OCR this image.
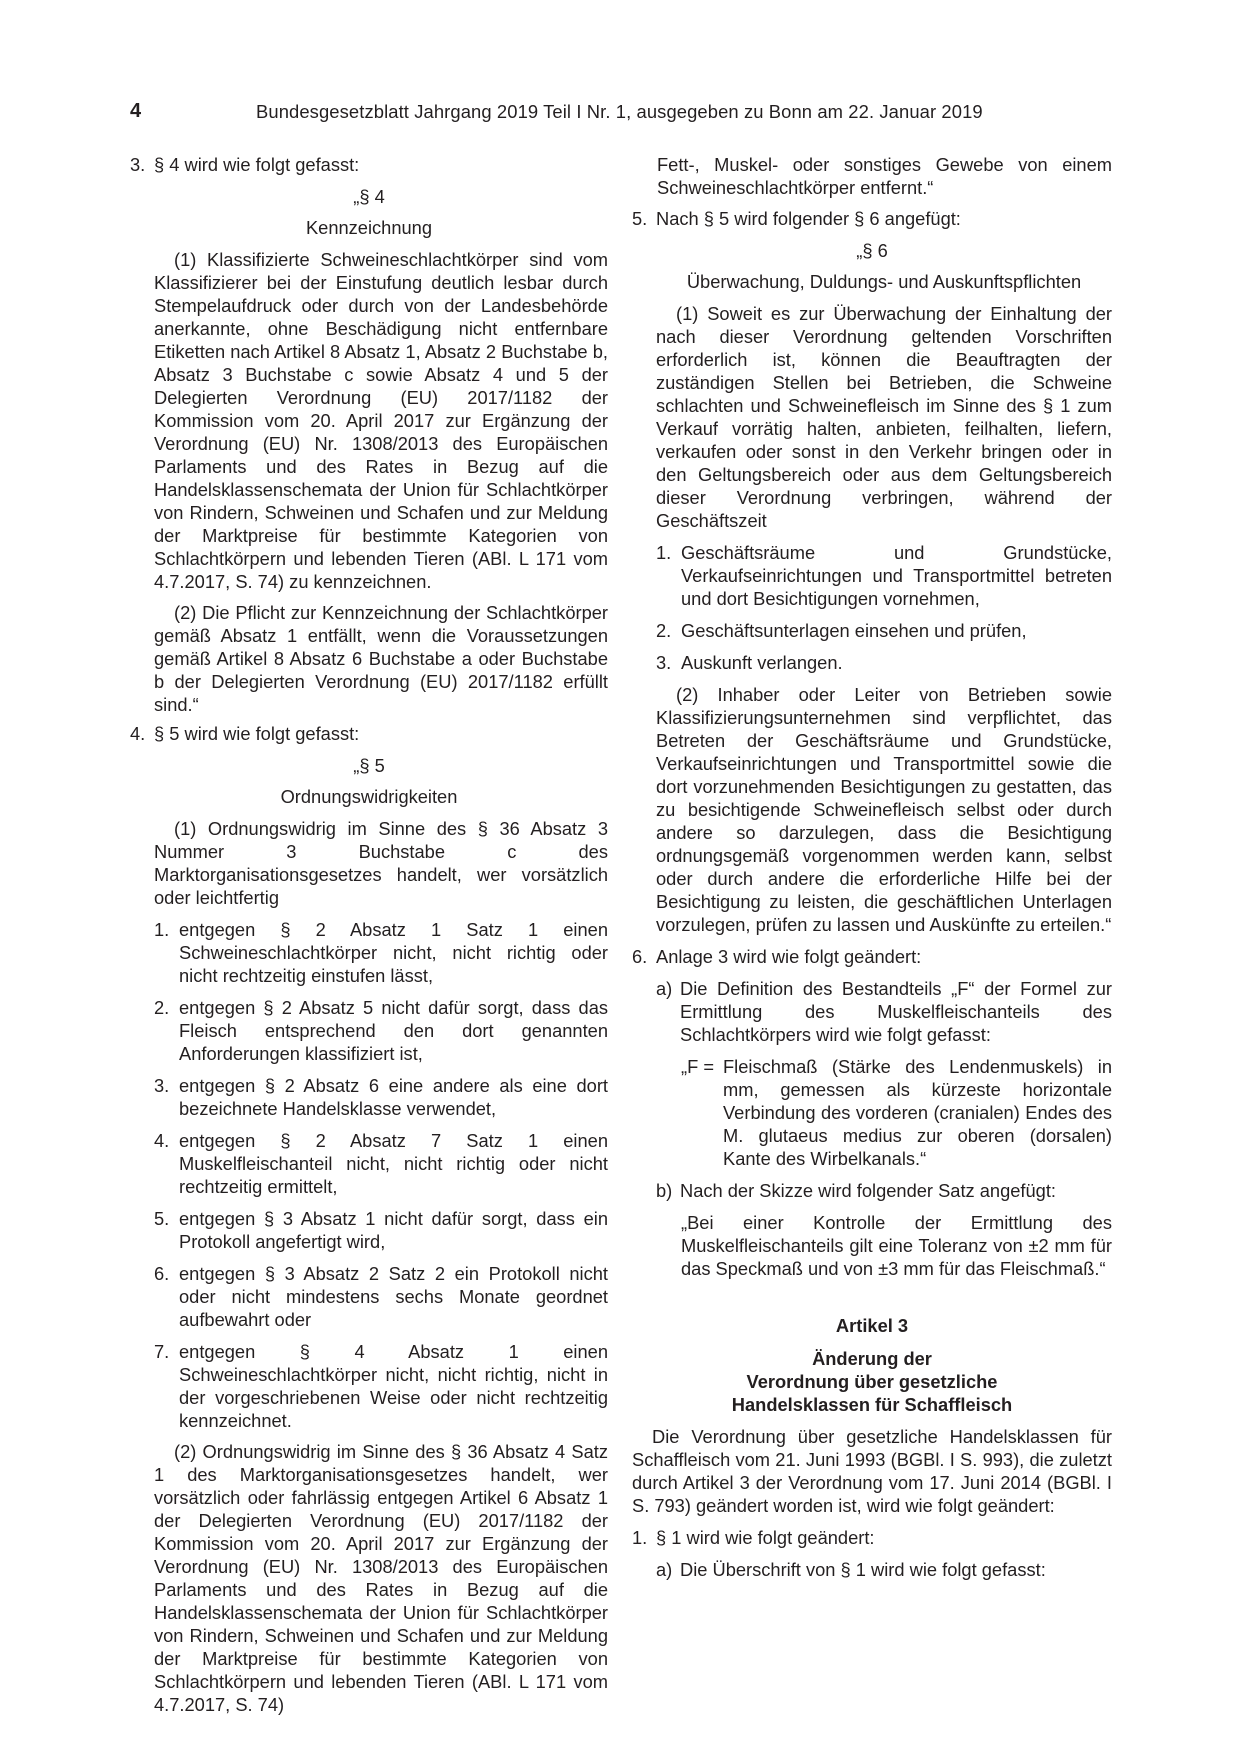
4	Bundesgesetzblatt Jahrgang 2019 Teil I Nr. 1, ausgegeben zu Bonn am 22. Januar 2019
3. § 4 wird wie folgt gefasst:

„§ 4

Kennzeichnung

(1) Klassifizierte Schweineschlachtkörper sind vom Klassifizierer bei der Einstufung deutlich lesbar durch Stempelaufdruck oder durch von der Landesbehörde anerkannte, ohne Beschädigung nicht entfernbare Etiketten nach Artikel 8 Absatz 1, Absatz 2 Buchstabe b, Absatz 3 Buchstabe c sowie Absatz 4 und 5 der Delegierten Verordnung (EU) 2017/1182 der Kommission vom 20. April 2017 zur Ergänzung der Verordnung (EU) Nr. 1308/2013 des Europäischen Parlaments und des Rates in Bezug auf die Handelsklassenschemata der Union für Schlachtkörper von Rindern, Schweinen und Schafen und zur Meldung der Marktpreise für bestimmte Kategorien von Schlachtkörpern und lebenden Tieren (ABl. L 171 vom 4.7.2017, S. 74) zu kennzeichnen.

(2) Die Pflicht zur Kennzeichnung der Schlachtkörper gemäß Absatz 1 entfällt, wenn die Voraussetzungen gemäß Artikel 8 Absatz 6 Buchstabe a oder Buchstabe b der Delegierten Verordnung (EU) 2017/1182 erfüllt sind.“

4. § 5 wird wie folgt gefasst:

„§ 5

Ordnungswidrigkeiten

(1) Ordnungswidrig im Sinne des § 36 Absatz 3 Nummer 3 Buchstabe c des Marktorganisationsgesetzes handelt, wer vorsätzlich oder leichtfertig

1. entgegen § 2 Absatz 1 Satz 1 einen Schweineschlachtkörper nicht, nicht richtig oder nicht rechtzeitig einstufen lässt,
2. entgegen § 2 Absatz 5 nicht dafür sorgt, dass das Fleisch entsprechend den dort genannten Anforderungen klassifiziert ist,
3. entgegen § 2 Absatz 6 eine andere als eine dort bezeichnete Handelsklasse verwendet,
4. entgegen § 2 Absatz 7 Satz 1 einen Muskelfleischanteil nicht, nicht richtig oder nicht rechtzeitig ermittelt,
5. entgegen § 3 Absatz 1 nicht dafür sorgt, dass ein Protokoll angefertigt wird,
6. entgegen § 3 Absatz 2 Satz 2 ein Protokoll nicht oder nicht mindestens sechs Monate geordnet aufbewahrt oder
7. entgegen § 4 Absatz 1 einen Schweineschlachtkörper nicht, nicht richtig, nicht in der vorgeschriebenen Weise oder nicht rechtzeitig kennzeichnet.

(2) Ordnungswidrig im Sinne des § 36 Absatz 4 Satz 1 des Marktorganisationsgesetzes handelt, wer vorsätzlich oder fahrlässig entgegen Artikel 6 Absatz 1 der Delegierten Verordnung (EU) 2017/1182 der Kommission vom 20. April 2017 zur Ergänzung der Verordnung (EU) Nr. 1308/2013 des Europäischen Parlaments und des Rates in Bezug auf die Handelsklassenschemata der Union für Schlachtkörper von Rindern, Schweinen und Schafen und zur Meldung der Marktpreise für bestimmte Kategorien von Schlachtkörpern und lebenden Tieren (ABl. L 171 vom 4.7.2017, S. 74)

Fett-, Muskel- oder sonstiges Gewebe von einem Schweineschlachtkörper entfernt.“

5. Nach § 5 wird folgender § 6 angefügt:

„§ 6

Überwachung, Duldungs- und Auskunftspflichten

(1) Soweit es zur Überwachung der Einhaltung der nach dieser Verordnung geltenden Vorschriften erforderlich ist, können die Beauftragten der zuständigen Stellen bei Betrieben, die Schweine schlachten und Schweinefleisch im Sinne des § 1 zum Verkauf vorrätig halten, anbieten, feilhalten, liefern, verkaufen oder sonst in den Verkehr bringen oder in den Geltungsbereich oder aus dem Geltungsbereich dieser Verordnung verbringen, während der Geschäftszeit

1. Geschäftsräume und Grundstücke, Verkaufseinrichtungen und Transportmittel betreten und dort Besichtigungen vornehmen,
2. Geschäftsunterlagen einsehen und prüfen,
3. Auskunft verlangen.

(2) Inhaber oder Leiter von Betrieben sowie Klassifizierungsunternehmen sind verpflichtet, das Betreten der Geschäftsräume und Grundstücke, Verkaufseinrichtungen und Transportmittel sowie die dort vorzunehmenden Besichtigungen zu gestatten, das zu besichtigende Schweinefleisch selbst oder durch andere so darzulegen, dass die Besichtigung ordnungsgemäß vorgenommen werden kann, selbst oder durch andere die erforderliche Hilfe bei der Besichtigung zu leisten, die geschäftlichen Unterlagen vorzulegen, prüfen zu lassen und Auskünfte zu erteilen.“

6. Anlage 3 wird wie folgt geändert:
a) Die Definition des Bestandteils „F“ der Formel zur Ermittlung des Muskelfleischanteils des Schlachtkörpers wird wie folgt gefasst:
„F = Fleischmaß (Stärke des Lendenmuskels) in mm, gemessen als kürzeste horizontale Verbindung des vorderen (cranialen) Endes des M. glutaeus medius zur oberen (dorsalen) Kante des Wirbelkanals.“
b) Nach der Skizze wird folgender Satz angefügt:

„Bei einer Kontrolle der Ermittlung des Muskelfleischanteils gilt eine Toleranz von ±2 mm für das Speckmaß und von ±3 mm für das Fleischmaß.“

Artikel 3

Änderung der

Verordnung über gesetzliche

Handelsklassen für Schaffleisch

Die Verordnung über gesetzliche Handelsklassen für Schaffleisch vom 21. Juni 1993 (BGBl. I S. 993), die zuletzt durch Artikel 3 der Verordnung vom 17. Juni 2014 (BGBl. I S. 793) geändert worden ist, wird wie folgt geändert:

1. § 1 wird wie folgt geändert:
a) Die Überschrift von § 1 wird wie folgt gefasst:
